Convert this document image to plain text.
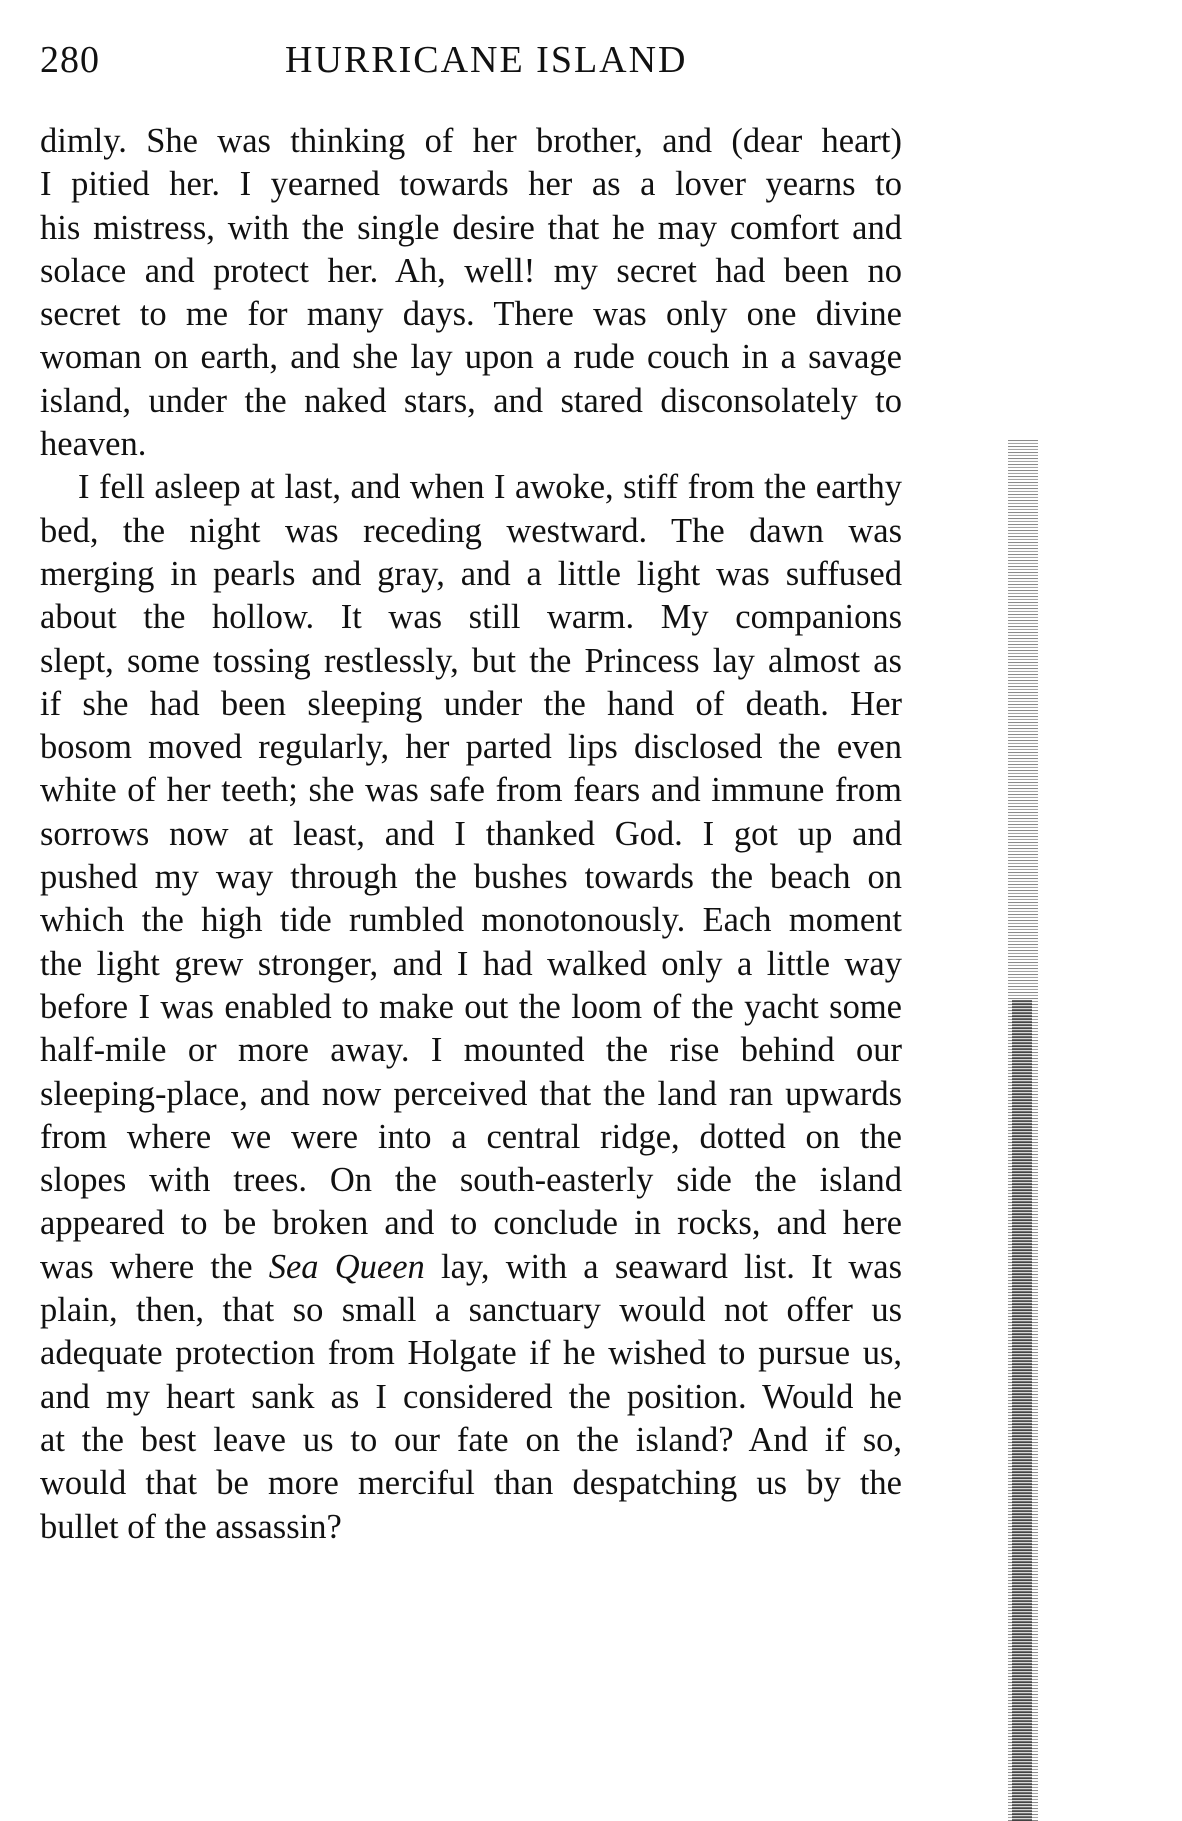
280	HURRICANE ISLAND
dimly. She was thinking of her brother, and (dear heart)
I pitied her. I yearned towards her as a lover yearns to
his mistress, with the single desire that he may comfort and
solace and protect her. Ah, well! my secret had been no
secret to me for many days. There was only one divine
woman on earth, and she lay upon a rude couch in a savage
island, under the naked stars, and stared disconsolately to
heaven.
I fell asleep at last, and when I awoke, stiff from the earthy
bed, the night was receding westward. The dawn was
merging in pearls and gray, and a little light was suffused
about the hollow. It was still warm. My companions
slept, some tossing restlessly, but the Princess lay almost as
if she had been sleeping under the hand of death. Her
bosom moved regularly, her parted lips disclosed the even
white of her teeth; she was safe from fears and immune from
sorrows now at least, and I thanked God. I got up and
pushed my way through the bushes towards the beach on
which the high tide rumbled monotonously. Each moment
the light grew stronger, and I had walked only a little way
before I was enabled to make out the loom of the yacht some
half-mile or more away. I mounted the rise behind our
sleeping-place, and now perceived that the land ran upwards
from where we were into a central ridge, dotted on the
slopes with trees. On the south-easterly side the island
appeared to be broken and to conclude in rocks, and here
was where the Sea Queen lay, with a seaward list. It was
plain, then, that so small a sanctuary would not offer us
adequate protection from Holgate if he wished to pursue us,
and my heart sank as I considered the position. Would he
at the best leave us to our fate on the island? And if so,
would that be more merciful than despatching us by the
bullet of the assassin?
